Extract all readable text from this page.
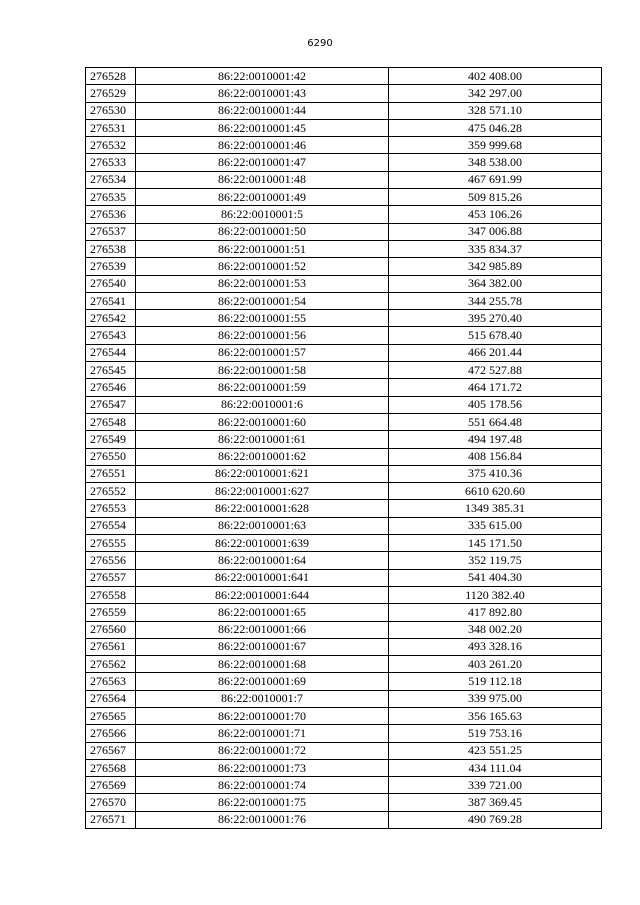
6290
276528	86:22:0010001:42	402 408.00
276529	86:22:0010001:43	342 297.00
276530	86:22:0010001:44	328 571.10
276531	86:22:0010001:45	475 046.28
276532	86:22:0010001:46	359 999.68
276533	86:22:0010001:47	348 538.00
276534	86:22:0010001:48	467 691.99
276535	86:22:0010001:49	509 815.26
276536	86:22:0010001:5	453 106.26
276537	86:22:0010001:50	347 006.88
276538	86:22:0010001:51	335 834.37
276539	86:22:0010001:52	342 985.89
276540	86:22:0010001:53	364 382.00
276541	86:22:0010001:54	344 255.78
276542	86:22:0010001:55	395 270.40
276543	86:22:0010001:56	515 678.40
276544	86:22:0010001:57	466 201.44
276545	86:22:0010001:58	472 527.88
276546	86:22:0010001:59	464 171.72
276547	86:22:0010001:6	405 178.56
276548	86:22:0010001:60	551 664.48
276549	86:22:0010001:61	494 197.48
276550	86:22:0010001:62	408 156.84
276551	86:22:0010001:621	375 410.36
276552	86:22:0010001:627	6610 620.60
276553	86:22:0010001:628	1349 385.31
276554	86:22:0010001:63	335 615.00
276555	86:22:0010001:639	145 171.50
276556	86:22:0010001:64	352 119.75
276557	86:22:0010001:641	541 404.30
276558	86:22:0010001:644	1120 382.40
276559	86:22:0010001:65	417 892.80
276560	86:22:0010001:66	348 002.20
276561	86:22:0010001:67	493 328.16
276562	86:22:0010001:68	403 261.20
276563	86:22:0010001:69	519 112.18
276564	86:22:0010001:7	339 975.00
276565	86:22:0010001:70	356 165.63
276566	86:22:0010001:71	519 753.16
276567	86:22:0010001:72	423 551.25
276568	86:22:0010001:73	434 111.04
276569	86:22:0010001:74	339 721.00
276570	86:22:0010001:75	387 369.45
276571	86:22:0010001:76	490 769.28
